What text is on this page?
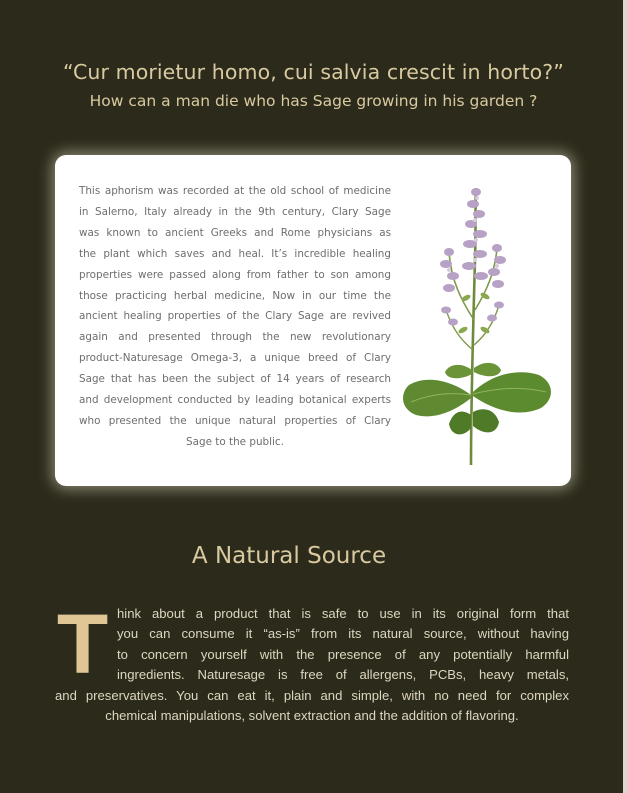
“Cur morietur homo, cui salvia crescit in horto?”
How can a man die who has Sage growing in his garden ?
This aphorism was recorded at the old school of medicine
in Salerno, Italy already in the 9th century, Clary Sage
was known to ancient Greeks and Rome physicians as
the plant which saves and heal. It’s incredible healing
properties were passed along from father to son among
those practicing herbal medicine, Now in our time the
ancient healing properties of the Clary Sage are revived
again and presented through the new revolutionary
product-Naturesage Omega-3, a unique breed of Clary
Sage that has been the subject of 14 years of research
and development conducted by leading botanical experts
who presented the unique natural properties of Clary
Sage to the public.
A Natural Source
T hink about a product that is safe to use in its original form that
you can consume it “as-is” from its natural source, without having
to concern yourself with the presence of any potentially harmful
ingredients. Naturesage is free of allergens, PCBs, heavy metals,
and preservatives. You can eat it, plain and simple, with no need for complex
chemical manipulations, solvent extraction and the addition of flavoring.
